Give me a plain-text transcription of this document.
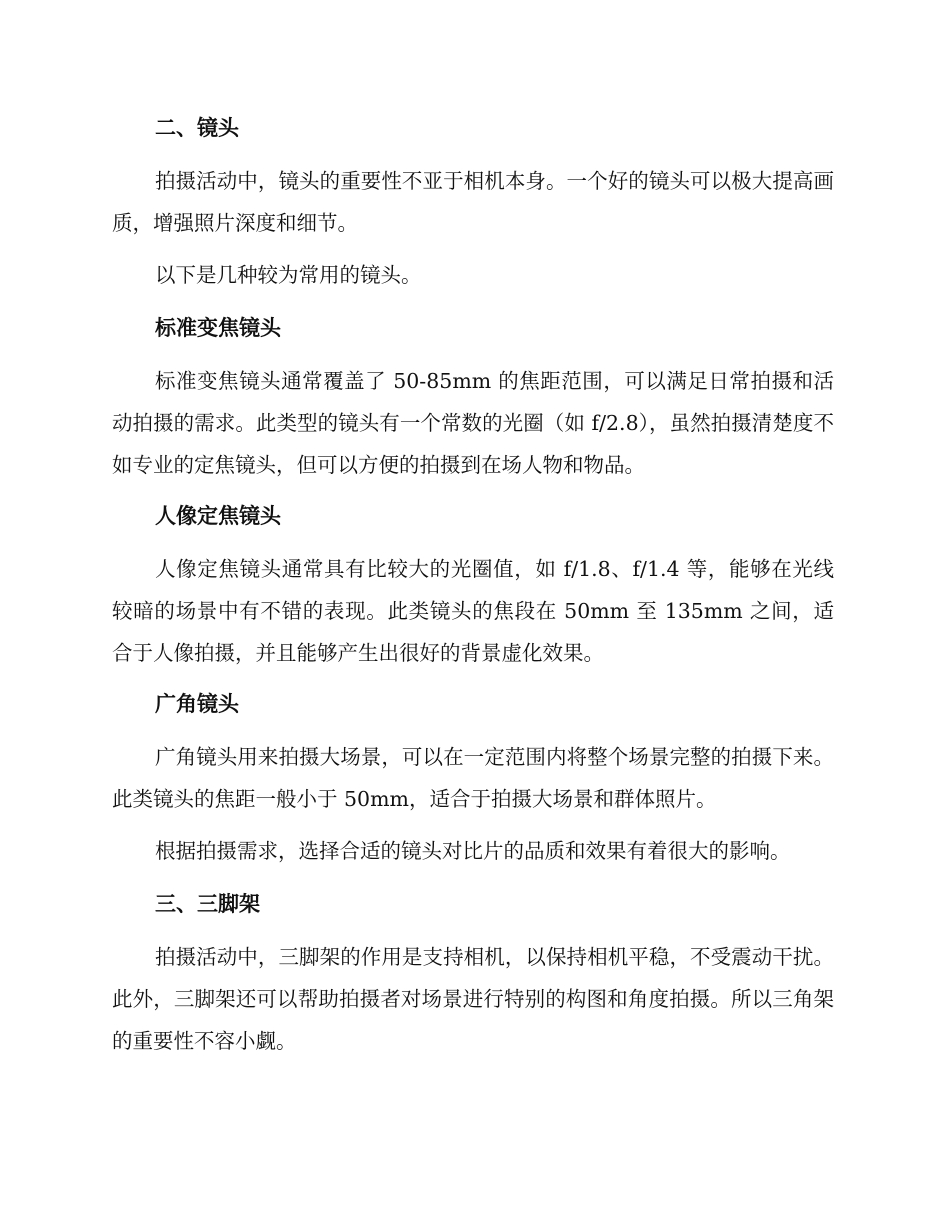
二、镜头

拍摄活动中，镜头的重要性不亚于相机本身。一个好的镜头可以极大提高画质，增强照片深度和细节。

以下是几种较为常用的镜头。

标准变焦镜头

标准变焦镜头通常覆盖了 50-85mm 的焦距范围，可以满足日常拍摄和活动拍摄的需求。此类型的镜头有一个常数的光圈（如 f/2.8），虽然拍摄清楚度不如专业的定焦镜头，但可以方便的拍摄到在场人物和物品。

人像定焦镜头

人像定焦镜头通常具有比较大的光圈值，如 f/1.8、f/1.4 等，能够在光线较暗的场景中有不错的表现。此类镜头的焦段在 50mm 至 135mm 之间，适合于人像拍摄，并且能够产生出很好的背景虚化效果。

广角镜头

广角镜头用来拍摄大场景，可以在一定范围内将整个场景完整的拍摄下来。此类镜头的焦距一般小于 50mm，适合于拍摄大场景和群体照片。

根据拍摄需求，选择合适的镜头对比片的品质和效果有着很大的影响。

三、三脚架

拍摄活动中，三脚架的作用是支持相机，以保持相机平稳，不受震动干扰。此外，三脚架还可以帮助拍摄者对场景进行特别的构图和角度拍摄。所以三角架的重要性不容小觑。
